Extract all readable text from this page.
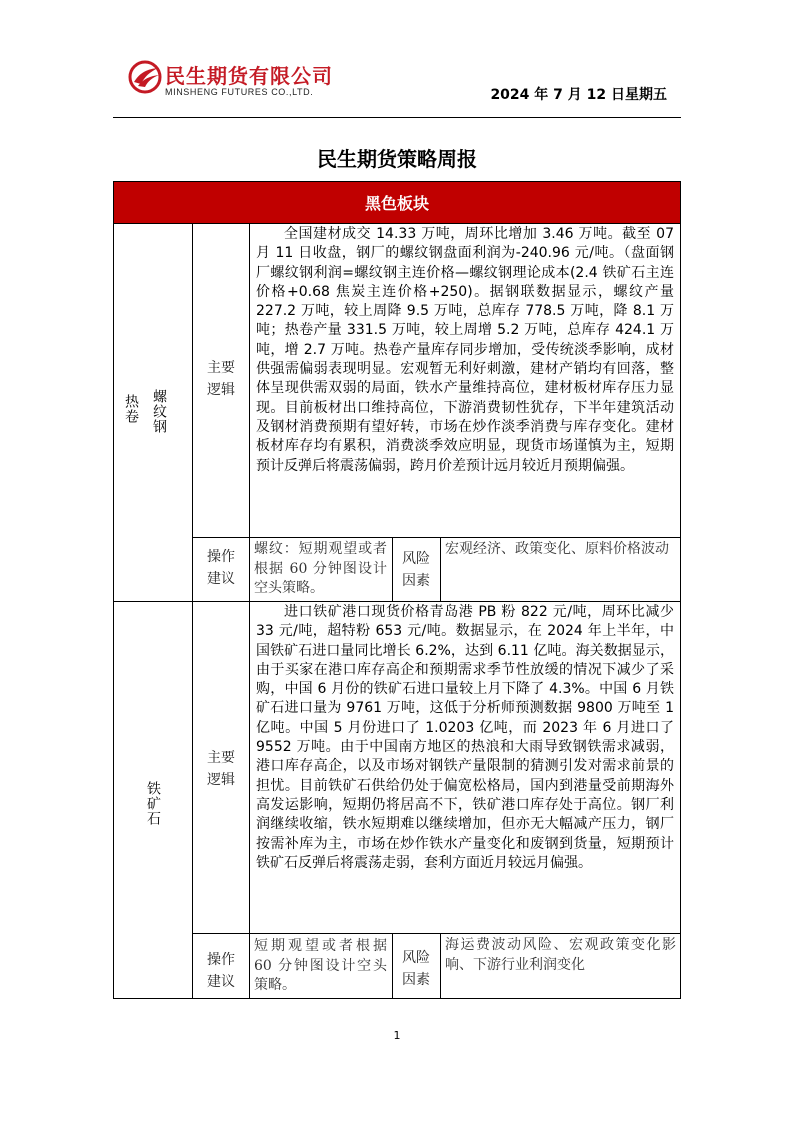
民生期货有限公司
MINSHENG FUTURES CO.,LTD.	2024 年 7 月 12 日星期五
民生期货策略周报
黑色板块
热卷 螺纹钢
主要逻辑
全国建材成交 14.33 万吨，周环比增加 3.46 万吨。截至 07 月 11 日收盘，钢厂的螺纹钢盘面利润为-240.96 元/吨。（盘面钢厂螺纹钢利润=螺纹钢主连价格—螺纹钢理论成本(2.4 铁矿石主连价格+0.68 焦炭主连价格+250)。据钢联数据显示，螺纹产量 227.2 万吨，较上周降 9.5 万吨，总库存 778.5 万吨，降 8.1 万吨；热卷产量 331.5 万吨，较上周增 5.2 万吨，总库存 424.1 万吨，增 2.7 万吨。热卷产量库存同步增加，受传统淡季影响，成材供强需偏弱表现明显。宏观暂无利好刺激，建材产销均有回落，整体呈现供需双弱的局面，铁水产量维持高位，建材板材库存压力显现。目前板材出口维持高位，下游消费韧性犹存，下半年建筑活动及钢材消费预期有望好转，市场在炒作淡季消费与库存变化。建材板材库存均有累积，消费淡季效应明显，现货市场谨慎为主，短期预计反弹后将震荡偏弱，跨月价差预计远月较近月预期偏强。
操作建议
螺纹：短期观望或者根据 60 分钟图设计空头策略。
风险因素
宏观经济、政策变化、原料价格波动
铁矿石
主要逻辑
进口铁矿港口现货价格青岛港 PB 粉 822 元/吨，周环比减少 33 元/吨，超特粉 653 元/吨。数据显示，在 2024 年上半年，中国铁矿石进口量同比增长 6.2%，达到 6.11 亿吨。海关数据显示，由于买家在港口库存高企和预期需求季节性放缓的情况下减少了采购，中国 6 月份的铁矿石进口量较上月下降了 4.3%。中国 6 月铁矿石进口量为 9761 万吨，这低于分析师预测数据 9800 万吨至 1 亿吨。中国 5 月份进口了 1.0203 亿吨，而 2023 年 6 月进口了 9552 万吨。由于中国南方地区的热浪和大雨导致钢铁需求减弱，港口库存高企，以及市场对钢铁产量限制的猜测引发对需求前景的担忧。目前铁矿石供给仍处于偏宽松格局，国内到港量受前期海外高发运影响，短期仍将居高不下，铁矿港口库存处于高位。钢厂利润继续收缩，铁水短期难以继续增加，但亦无大幅减产压力，钢厂按需补库为主，市场在炒作铁水产量变化和废钢到货量，短期预计铁矿石反弹后将震荡走弱，套利方面近月较远月偏强。
操作建议
短期观望或者根据 60 分钟图设计空头策略。
风险因素
海运费波动风险、宏观政策变化影响、下游行业利润变化
1
